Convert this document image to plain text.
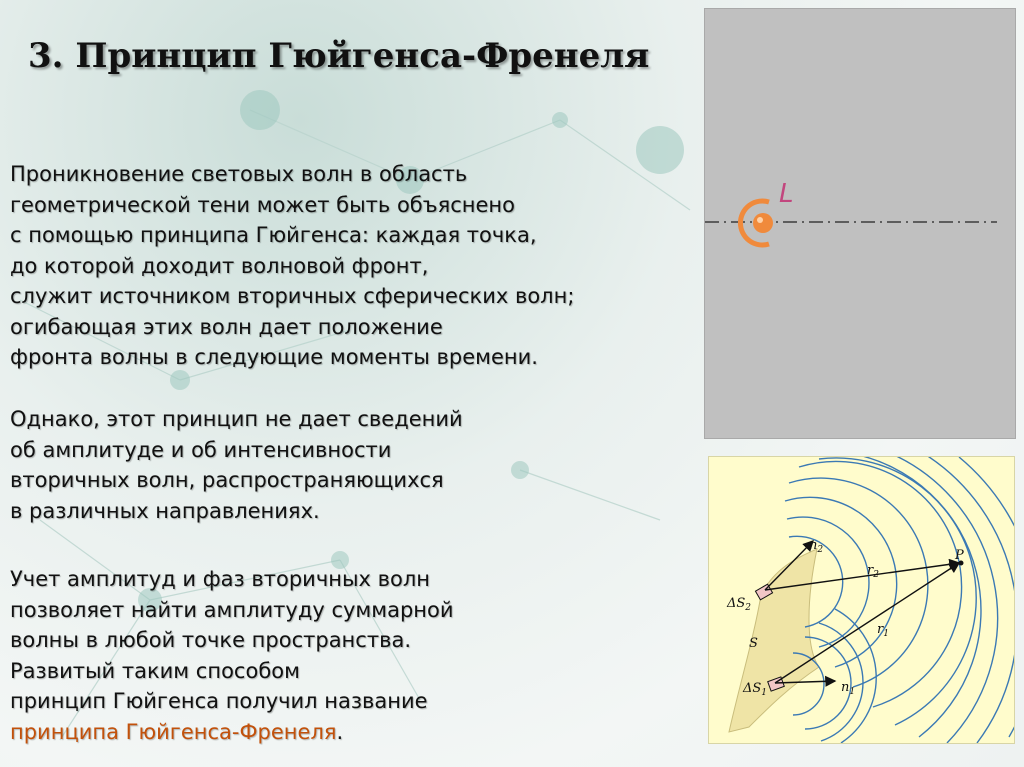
3. Принцип Гюйгенса-Френеля
Проникновение световых волн в область
геометрической тени может быть объяснено
с помощью принципа Гюйгенса: каждая точка,
до которой доходит волновой фронт,
служит источником вторичных сферических волн;
огибающая этих волн дает положение
фронта волны в следующие моменты времени.
Однако, этот принцип не дает сведений
об амплитуде и об интенсивности
вторичных волн, распространяющихся
в различных направлениях.
Учет амплитуд и фаз вторичных волн
позволяет найти амплитуду суммарной
волны в любой точке пространства.
Развитый таким способом
принцип Гюйгенса получил название
принципа Гюйгенса-Френеля.
L
P
S
$\Delta S_2$
$\Delta S_1$
$n_2$
$r_2$
$r_1$
$n_1$
